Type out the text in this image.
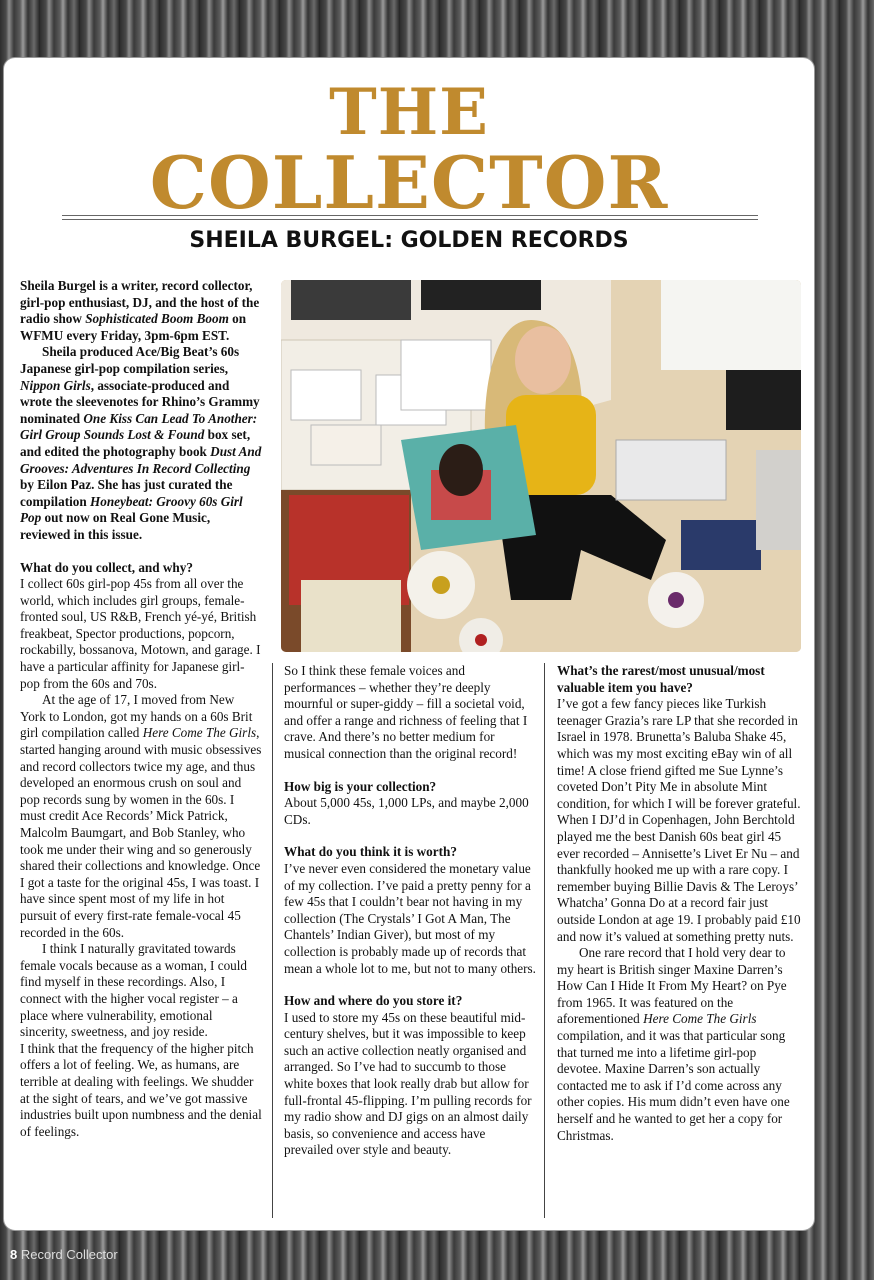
THE
COLLECTOR
SHEILA BURGEL: GOLDEN RECORDS

Sheila Burgel is a writer, record collector, girl-pop enthusiast, DJ, and the host of the radio show Sophisticated Boom Boom on WFMU every Friday, 3pm-6pm EST.

Sheila produced Ace/Big Beat’s 60s Japanese girl-pop compilation series, Nippon Girls, associate-produced and wrote the sleevenotes for Rhino’s Grammy nominated One Kiss Can Lead To Another: Girl Group Sounds Lost & Found box set, and edited the photography book Dust And Grooves: Adventures In Record Collecting by Eilon Paz. She has just curated the compilation Honeybeat: Groovy 60s Girl Pop out now on Real Gone Music, reviewed in this issue.

What do you collect, and why?

I collect 60s girl-pop 45s from all over the world, which includes girl groups, female-fronted soul, US R&B, French yé-yé, British freakbeat, Spector productions, popcorn, rockabilly, bossanova, Motown, and garage. I have a particular affinity for Japanese girl-pop from the 60s and 70s.

At the age of 17, I moved from New York to London, got my hands on a 60s Brit girl compilation called Here Come The Girls, started hanging around with music obsessives and record collectors twice my age, and thus developed an enormous crush on soul and pop records sung by women in the 60s. I must credit Ace Records’ Mick Patrick, Malcolm Baumgart, and Bob Stanley, who took me under their wing and so generously shared their collections and knowledge. Once I got a taste for the original 45s, I was toast. I have since spent most of my life in hot pursuit of every first-rate female-vocal 45 recorded in the 60s.

I think I naturally gravitated towards female vocals because as a woman, I could find myself in these recordings. Also, I connect with the higher vocal register – a place where vulnerability, emotional sincerity, sweetness, and joy reside.

I think that the frequency of the higher pitch offers a lot of feeling. We, as humans, are terrible at dealing with feelings. We shudder at the sight of tears, and we’ve got massive industries built upon numbness and the denial of feelings.

So I think these female voices and performances – whether they’re deeply mournful or super-giddy – fill a societal void, and offer a range and richness of feeling that I crave. And there’s no better medium for musical connection than the original record!

How big is your collection?

About 5,000 45s, 1,000 LPs, and maybe 2,000 CDs.

What do you think it is worth?

I’ve never even considered the monetary value of my collection. I’ve paid a pretty penny for a few 45s that I couldn’t bear not having in my collection (The Crystals’ I Got A Man, The Chantels’ Indian Giver), but most of my collection is probably made up of records that mean a whole lot to me, but not to many others.

How and where do you store it?

I used to store my 45s on these beautiful mid-century shelves, but it was impossible to keep such an active collection neatly organised and arranged. So I’ve had to succumb to those white boxes that look really drab but allow for full-frontal 45-flipping. I’m pulling records for my radio show and DJ gigs on an almost daily basis, so convenience and access have prevailed over style and beauty.

What’s the rarest/most unusual/most valuable item you have?

I’ve got a few fancy pieces like Turkish teenager Grazia’s rare LP that she recorded in Israel in 1978. Brunetta’s Baluba Shake 45, which was my most exciting eBay win of all time! A close friend gifted me Sue Lynne’s coveted Don’t Pity Me in absolute Mint condition, for which I will be forever grateful. When I DJ’d in Copenhagen, John Berchtold played me the best Danish 60s beat girl 45 ever recorded – Annisette’s Livet Er Nu – and thankfully hooked me up with a rare copy. I remember buying Billie Davis & The Leroys’ Whatcha’ Gonna Do at a record fair just outside London at age 19. I probably paid £10 and now it’s valued at something pretty nuts.

One rare record that I hold very dear to my heart is British singer Maxine Darren’s How Can I Hide It From My Heart? on Pye from 1965. It was featured on the aforementioned Here Come The Girls compilation, and it was that particular song that turned me into a lifetime girl-pop devotee. Maxine Darren’s son actually contacted me to ask if I’d come across any other copies. His mum didn’t even have one herself and he wanted to get her a copy for Christmas.

8 Record Collector
